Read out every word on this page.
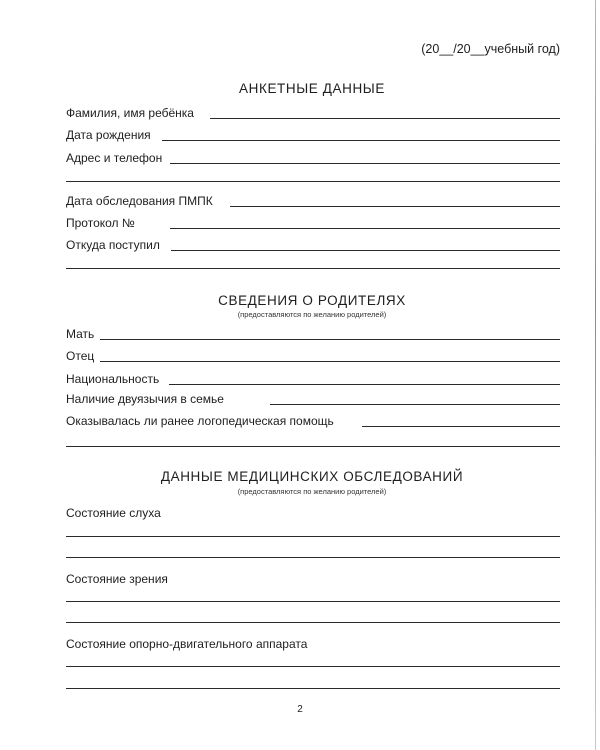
(20__/20__учебный год)
АНКЕТНЫЕ ДАННЫЕ
Фамилия, имя ребёнка
Дата рождения
Адрес и телефон
Дата обследования ПМПК
Протокол №
Откуда поступил
СВЕДЕНИЯ О РОДИТЕЛЯХ
(предоставляются по желанию родителей)
Мать
Отец
Национальность
Наличие двуязычия в семье
Оказывалась ли ранее логопедическая помощь
ДАННЫЕ МЕДИЦИНСКИХ ОБСЛЕДОВАНИЙ
(предоставляются по желанию родителей)
Состояние слуха
Состояние зрения
Состояние опорно-двигательного аппарата
2
